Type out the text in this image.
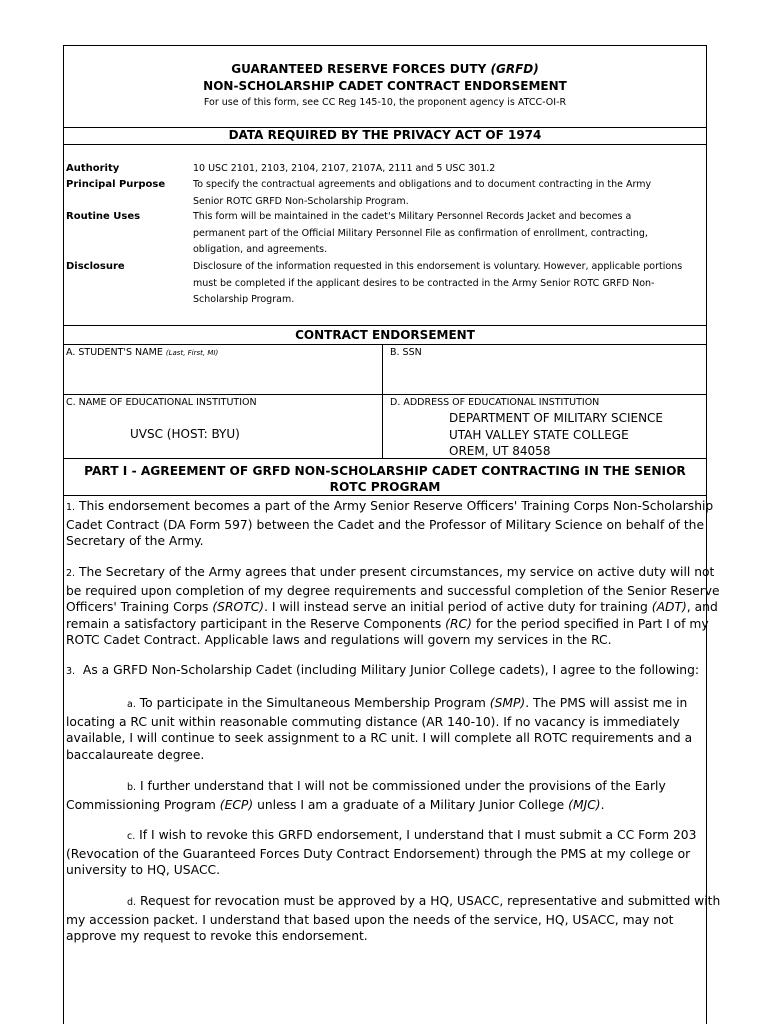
GUARANTEED RESERVE FORCES DUTY (GRFD)
NON-SCHOLARSHIP CADET CONTRACT ENDORSEMENT
For use of this form, see CC Reg 145-10, the proponent agency is ATCC-OI-R
DATA REQUIRED BY THE PRIVACY ACT OF 1974
Authority	10 USC 2101, 2103, 2104, 2107, 2107A, 2111 and 5 USC 301.2
Principal Purpose	To specify the contractual agreements and obligations and to document contracting in the Army Senior ROTC GRFD Non-Scholarship Program.
Routine Uses	This form will be maintained in the cadet's Military Personnel Records Jacket and becomes a permanent part of the Official Military Personnel File as confirmation of enrollment, contracting, obligation, and agreements.
Disclosure	Disclosure of the information requested in this endorsement is voluntary. However, applicable portions must be completed if the applicant desires to be contracted in the Army Senior ROTC GRFD Non-Scholarship Program.
CONTRACT ENDORSEMENT
A. STUDENT'S NAME (Last, First, MI)	B. SSN
C. NAME OF EDUCATIONAL INSTITUTION
UVSC (HOST: BYU)
D. ADDRESS OF EDUCATIONAL INSTITUTION
DEPARTMENT OF MILITARY SCIENCE
UTAH VALLEY STATE COLLEGE
OREM, UT 84058
PART I - AGREEMENT OF GRFD NON-SCHOLARSHIP CADET CONTRACTING IN THE SENIOR
ROTC PROGRAM
1. This endorsement becomes a part of the Army Senior Reserve Officers' Training Corps Non-Scholarship Cadet Contract (DA Form 597) between the Cadet and the Professor of Military Science on behalf of the Secretary of the Army.
2. The Secretary of the Army agrees that under present circumstances, my service on active duty will not be required upon completion of my degree requirements and successful completion of the Senior Reserve Officers' Training Corps (SROTC). I will instead serve an initial period of active duty for training (ADT), and remain a satisfactory participant in the Reserve Components (RC) for the period specified in Part I of my ROTC Cadet Contract. Applicable laws and regulations will govern my services in the RC.
3. As a GRFD Non-Scholarship Cadet (including Military Junior College cadets), I agree to the following:
a. To participate in the Simultaneous Membership Program (SMP). The PMS will assist me in locating a RC unit within reasonable commuting distance (AR 140-10). If no vacancy is immediately available, I will continue to seek assignment to a RC unit. I will complete all ROTC requirements and a baccalaureate degree.
b. I further understand that I will not be commissioned under the provisions of the Early Commissioning Program (ECP) unless I am a graduate of a Military Junior College (MJC).
c. If I wish to revoke this GRFD endorsement, I understand that I must submit a CC Form 203 (Revocation of the Guaranteed Forces Duty Contract Endorsement) through the PMS at my college or university to HQ, USACC.
d. Request for revocation must be approved by a HQ, USACC, representative and submitted with my accession packet. I understand that based upon the needs of the service, HQ, USACC, may not approve my request to revoke this endorsement.
